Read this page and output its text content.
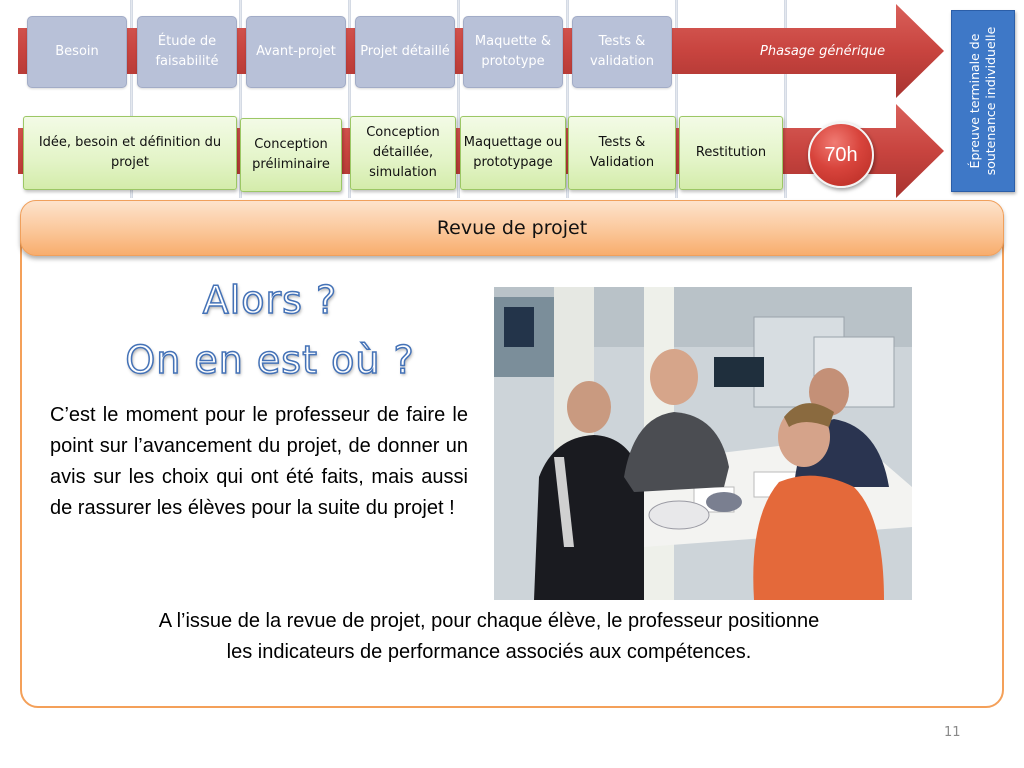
Phasage générique
Besoin
Étude de faisabilité
Avant-projet Projet détaillé
Maquette & prototype
Tests & validation
Idée, besoin et définition du projet
Conception préliminaire
Conception détaillée, simulation
Maquettage ou prototypage
Tests & Validation
Restitution	70h	Épreuve terminale de soutenance individuelle
Revue de projet
Alors ?
On en est où ?
C’est le moment pour le professeur de faire le point sur l’avancement du projet, de donner un avis sur les choix qui ont été faits, mais aussi de rassurer les élèves pour la suite du projet !
A l’issue de la revue de projet, pour chaque élève, le professeur positionne les indicateurs de performance associés aux compétences.
11
